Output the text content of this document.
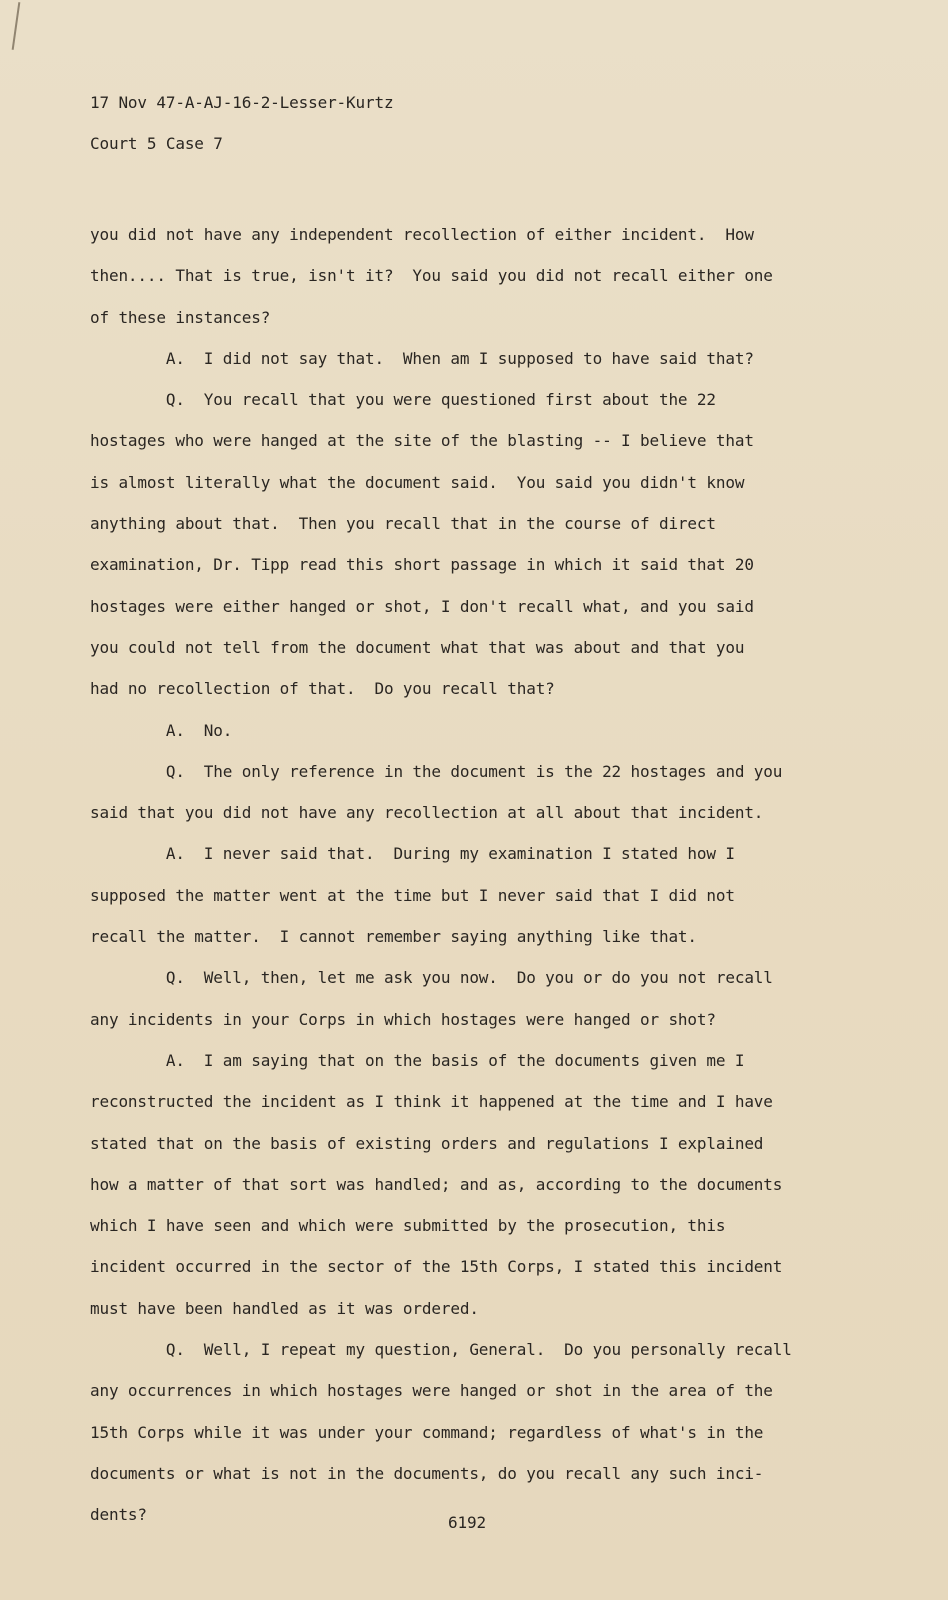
17 Nov 47-A-AJ-16-2-Lesser-Kurtz
Court 5 Case 7
you did not have any independent recollection of either incident.  How
then.... That is true, isn't it?  You said you did not recall either one
of these instances?
A.  I did not say that.  When am I supposed to have said that?
Q.  You recall that you were questioned first about the 22
hostages who were hanged at the site of the blasting -- I believe that
is almost literally what the document said.  You said you didn't know
anything about that.  Then you recall that in the course of direct
examination, Dr. Tipp read this short passage in which it said that 20
hostages were either hanged or shot, I don't recall what, and you said
you could not tell from the document what that was about and that you
had no recollection of that.  Do you recall that?
A.  No.
Q.  The only reference in the document is the 22 hostages and you
said that you did not have any recollection at all about that incident.
A.  I never said that.  During my examination I stated how I
supposed the matter went at the time but I never said that I did not
recall the matter.  I cannot remember saying anything like that.
Q.  Well, then, let me ask you now.  Do you or do you not recall
any incidents in your Corps in which hostages were hanged or shot?
A.  I am saying that on the basis of the documents given me I
reconstructed the incident as I think it happened at the time and I have
stated that on the basis of existing orders and regulations I explained
how a matter of that sort was handled; and as, according to the documents
which I have seen and which were submitted by the prosecution, this
incident occurred in the sector of the 15th Corps, I stated this incident
must have been handled as it was ordered.
Q.  Well, I repeat my question, General.  Do you personally recall
any occurrences in which hostages were hanged or shot in the area of the
15th Corps while it was under your command; regardless of what's in the
documents or what is not in the documents, do you recall any such inci-
dents?	6192
